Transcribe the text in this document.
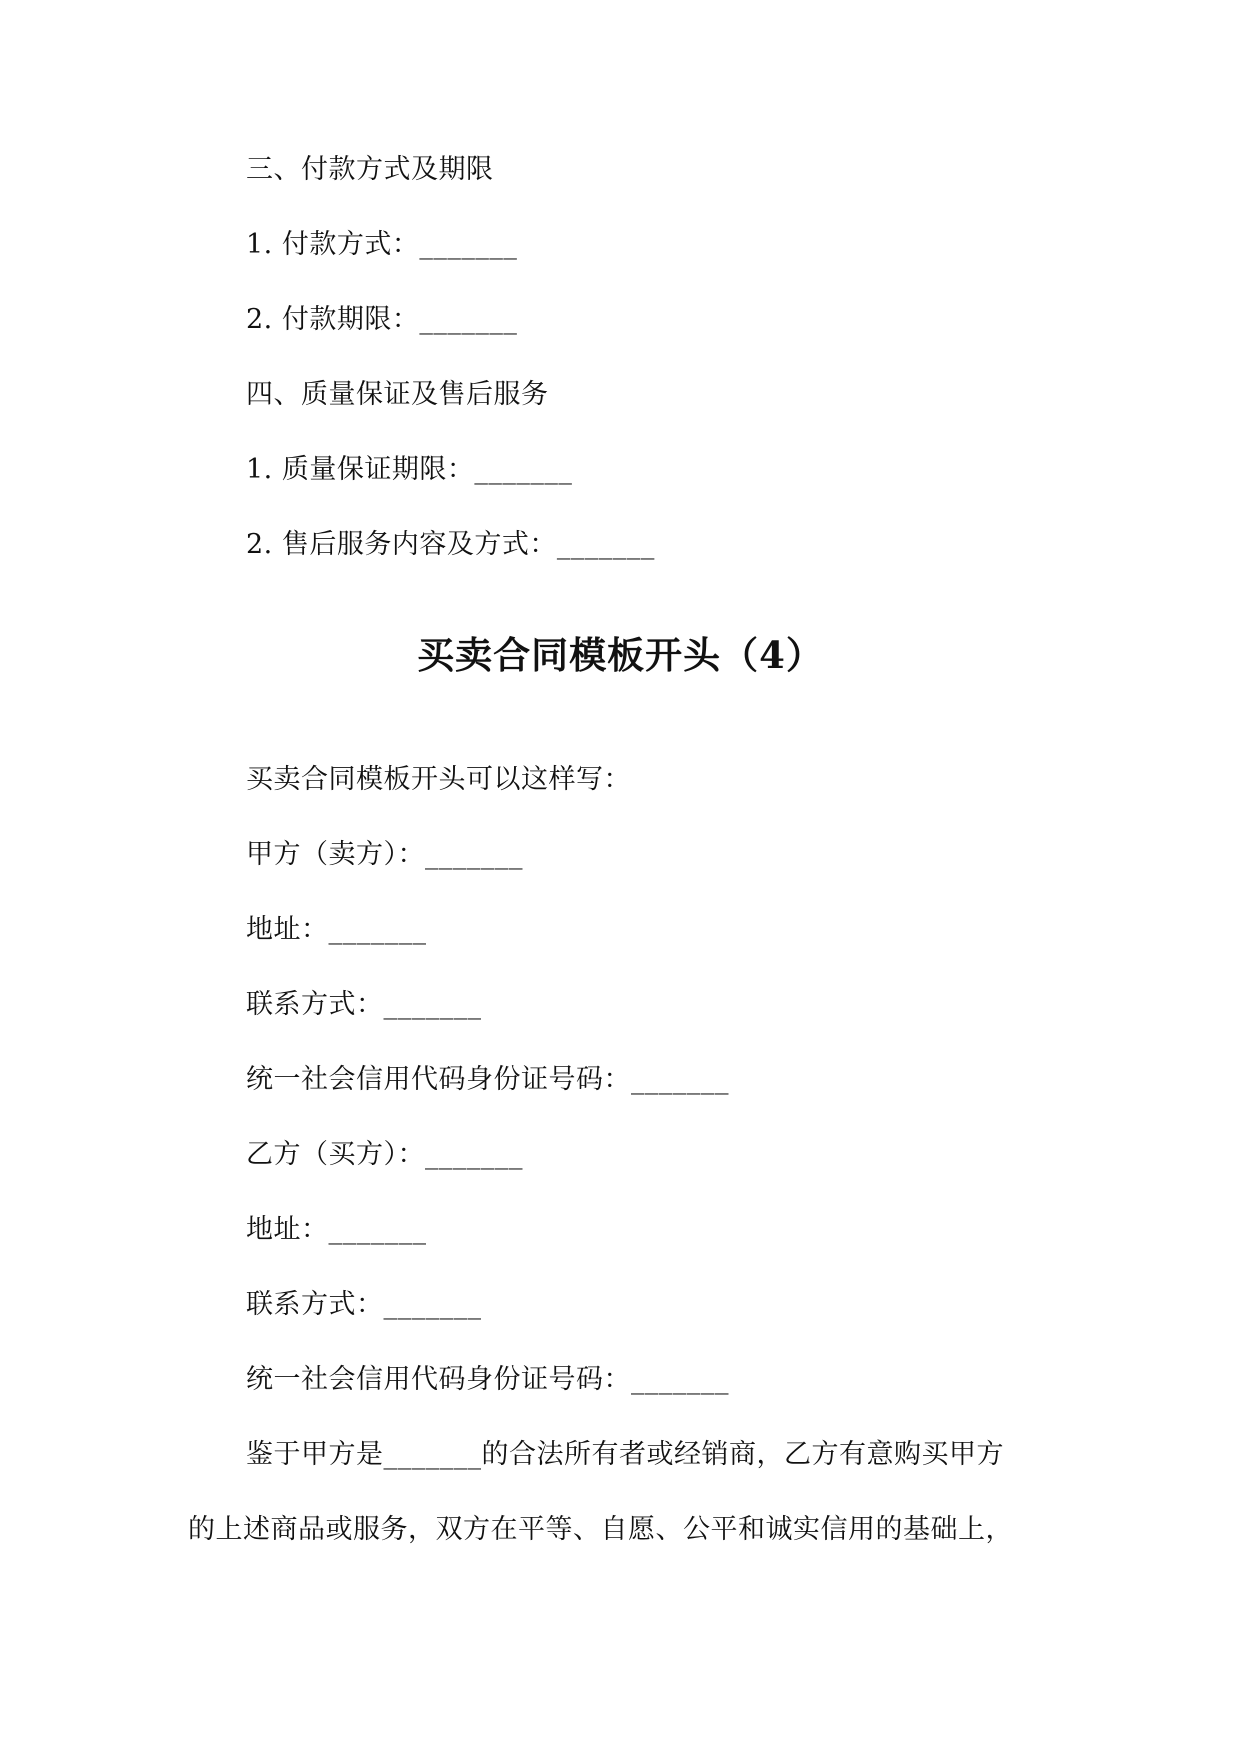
三、付款方式及期限
1. 付款方式：_______
2. 付款期限：_______
四、质量保证及售后服务
1. 质量保证期限：_______
2. 售后服务内容及方式：_______
买卖合同模板开头（4）
买卖合同模板开头可以这样写：
甲方（卖方）：_______
地址：_______
联系方式：_______
统一社会信用代码身份证号码：_______
乙方（买方）：_______
地址：_______
联系方式：_______
统一社会信用代码身份证号码：_______
鉴于甲方是_______的合法所有者或经销商，乙方有意购买甲方
的上述商品或服务，双方在平等、自愿、公平和诚实信用的基础上，
